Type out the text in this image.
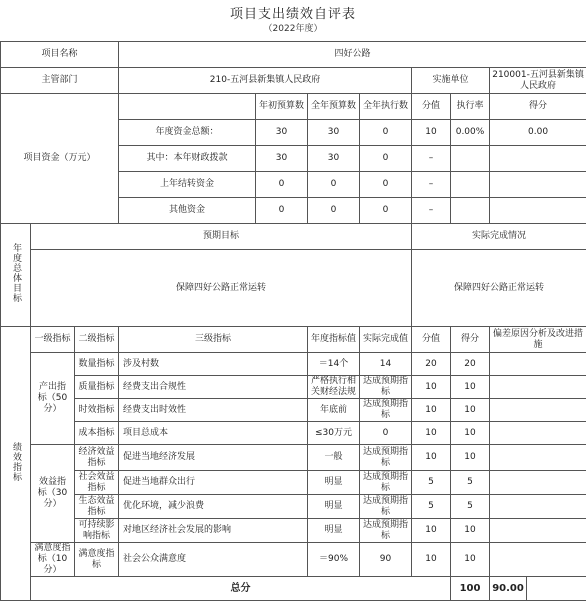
项目支出绩效自评表
（2022年度）
项目名称			四好公路							
主管部门			210-五河县新集镇人民政府				实施单位		210001-五河县新集镇人民政府	
项目资金（万元）				年初预算数	全年预算数	全年执行数	分值	执行率	得分	
			年度资金总额：	30	30	0	10	0.00%	0.00	
			其中：本年财政拨款	30	30	0	–			
			上年结转资金	0	0	0	–			
			其他资金	0	0	0	–			
年度总体目标	预期目标						实际完成情况			
	保障四好公路正常运转						保障四好公路正常运转			
绩效指标	一级指标	二级指标	三级指标		年度指标值	实际完成值	分值	得分	偏差原因分析及改进措施	
	产出指标（50分）	数量指标	涉及村数		＝14个	14	20	20		
		质量指标	经费支出合规性		严格执行相关财经法规	达成预期指标	10	10		
		时效指标	经费支出时效性		年底前	达成预期指标	10	10		
		成本指标	项目总成本		≤30万元	0	10	10		
	效益指标（30分）	经济效益指标	促进当地经济发展		一般	达成预期指标	10	10		
		社会效益指标	促进当地群众出行		明显	达成预期指标	5	5		
		生态效益指标	优化环境，减少浪费		明显	达成预期指标	5	5		
		可持续影响指标	对地区经济社会发展的影响		明显	达成预期指标	10	10		
	满意度指标（10分）	满意度指标	社会公众满意度		＝90%	90	10	10		
	总分							100	90.00	
